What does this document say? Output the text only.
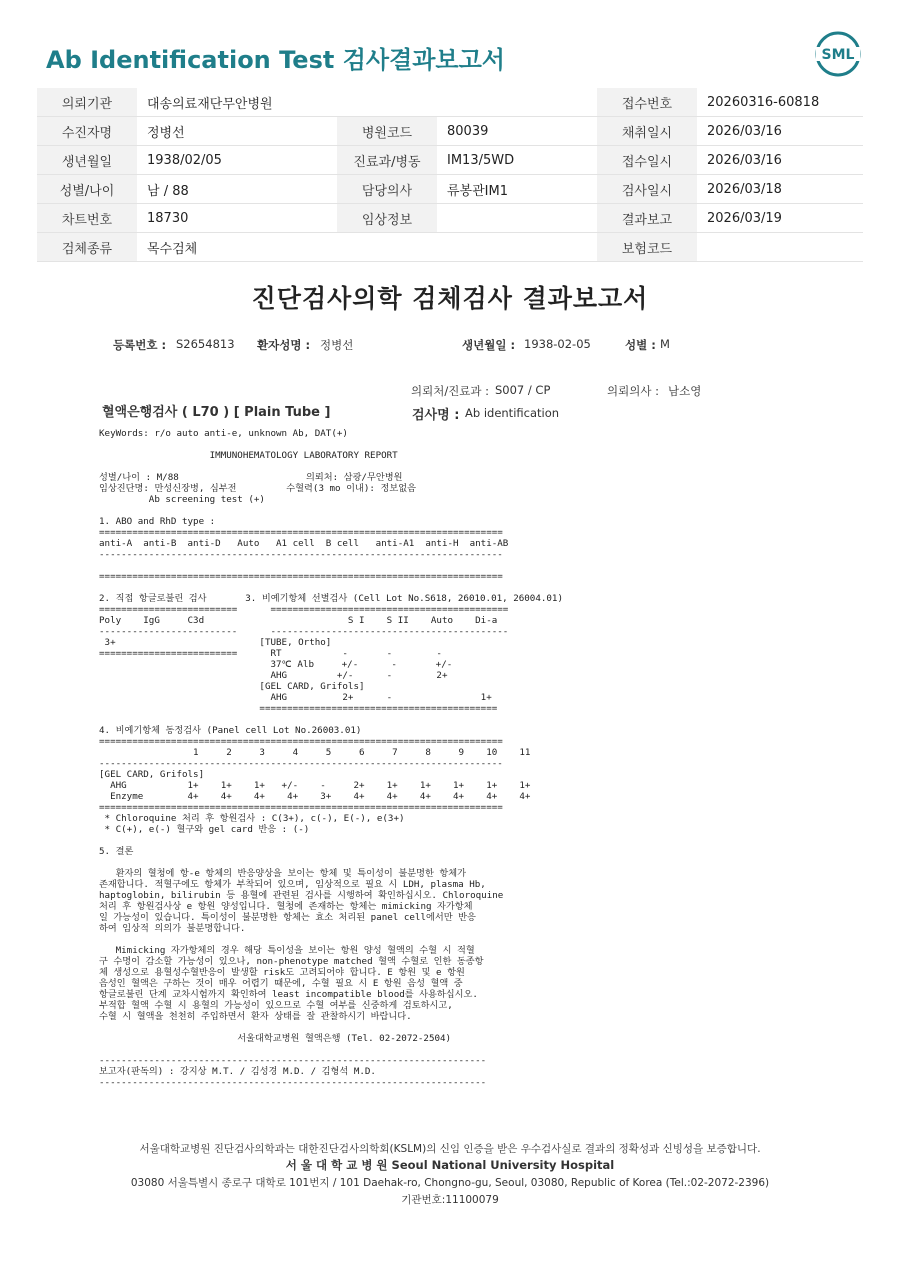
Ab Identification Test 검사결과보고서	SML
의뢰기관	대송의료재단무안병원			접수번호	20260316-60818
수진자명	정병선	병원코드	80039	채취일시	2026/03/16
생년월일	1938/02/05	진료과/병동	IM13/5WD	접수일시	2026/03/16
성별/나이	남 / 88	담당의사	류봉관IM1	검사일시	2026/03/18
차트번호	18730	임상정보		결과보고	2026/03/19
검체종류	목수검체			보험코드	
진단검사의학 검체검사 결과보고서
등록번호 : S2654813 환자성명 : 정병선	생년월일 : 1938-02-05	성별 : M
의뢰처/진료과 : S007 / CP	의뢰의사 : 남소영
혈액은행검사 ( L70 ) [ Plain Tube ]	검사명 : Ab identification
KeyWords: r/o auto anti-e, unknown Ab, DAT(+)

IMMUNOHEMATOLOGY LABORATORY REPORT

성별/나이 : M/88                       의뢰처: 삼광/무안병원
임상진단명: 만성신장병, 심부전         수혈력(3 mo 이내): 정보없음
Ab screening test (+)

1. ABO and RhD type :
=========================================================================
anti-A  anti-B  anti-D   Auto   A1 cell  B cell   anti-A1  anti-H  anti-AB
-------------------------------------------------------------------------

=========================================================================

2. 직접 항글로불린 검사       3. 비예기항체 선별검사 (Cell Lot No.S618, 26010.01, 26004.01)
=========================      ===========================================
Poly    IgG     C3d                          S I    S II    Auto    Di-a
-------------------------      -------------------------------------------
3+                          [TUBE, Ortho]
=========================      RT           -       -        -
37℃ Alb     +/-      -       +/-
AHG         +/-      -        2+
[GEL CARD, Grifols]
AHG          2+      -                1+
===========================================

4. 비예기항체 동정검사 (Panel cell Lot No.26003.01)
=========================================================================
1     2     3     4     5     6     7     8     9    10    11
-------------------------------------------------------------------------
[GEL CARD, Grifols]
AHG           1+    1+    1+   +/-    -     2+    1+    1+    1+    1+    1+
Enzyme        4+    4+    4+    4+    3+    4+    4+    4+    4+    4+    4+
=========================================================================
* Chloroquine 처리 후 항원검사 : C(3+), c(-), E(-), e(3+)
* C(+), e(-) 혈구와 gel card 반응 : (-)

5. 결론

환자의 혈청에 항-e 항체의 반응양상을 보이는 항체 및 특이성이 불분명한 항체가
존재합니다. 적혈구에도 항체가 부착되어 있으며, 임상적으로 필요 시 LDH, plasma Hb,
haptoglobin, bilirubin 등 용혈에 관련된 검사를 시행하여 확인하십시오. Chloroquine
처리 후 항원검사상 e 항원 양성입니다. 혈청에 존재하는 항체는 mimicking 자가항체
일 가능성이 있습니다. 특이성이 불분명한 항체는 효소 처리된 panel cell에서만 반응
하여 임상적 의의가 불분명합니다.

Mimicking 자가항체의 경우 해당 특이성을 보이는 항원 양성 혈액의 수혈 시 적혈
구 수명이 감소할 가능성이 있으나, non-phenotype matched 혈액 수혈로 인한 동종항
체 생성으로 용혈성수혈반응이 발생할 risk도 고려되어야 합니다. E 항원 및 e 항원
음성인 혈액은 구하는 것이 매우 어렵기 때문에, 수혈 필요 시 E 항원 음성 혈액 중
항글로불린 단계 교차시험까지 확인하여 least incompatible blood를 사용하십시오.
부적합 혈액 수혈 시 용혈의 가능성이 있으므로 수혈 여부를 신중하게 검토하시고,
수혈 시 혈액을 천천히 주입하면서 환자 상태를 잘 관찰하시기 바랍니다.

서울대학교병원 혈액은행 (Tel. 02-2072-2504)

----------------------------------------------------------------------
보고자(판독의) : 강지상 M.T. / 김성경 M.D. / 김형석 M.D.
----------------------------------------------------------------------
서울대학교병원 진단검사의학과는 대한진단검사의학회(KSLM)의 신임 인증을 받은 우수검사실로 결과의 정확성과 신빙성을 보증합니다.
서 울 대 학 교 병 원 Seoul National University Hospital
03080 서울특별시 종로구 대학로 101번지 / 101 Daehak-ro, Chongno-gu, Seoul, 03080, Republic of Korea (Tel.:02-2072-2396)
기관번호:11100079
